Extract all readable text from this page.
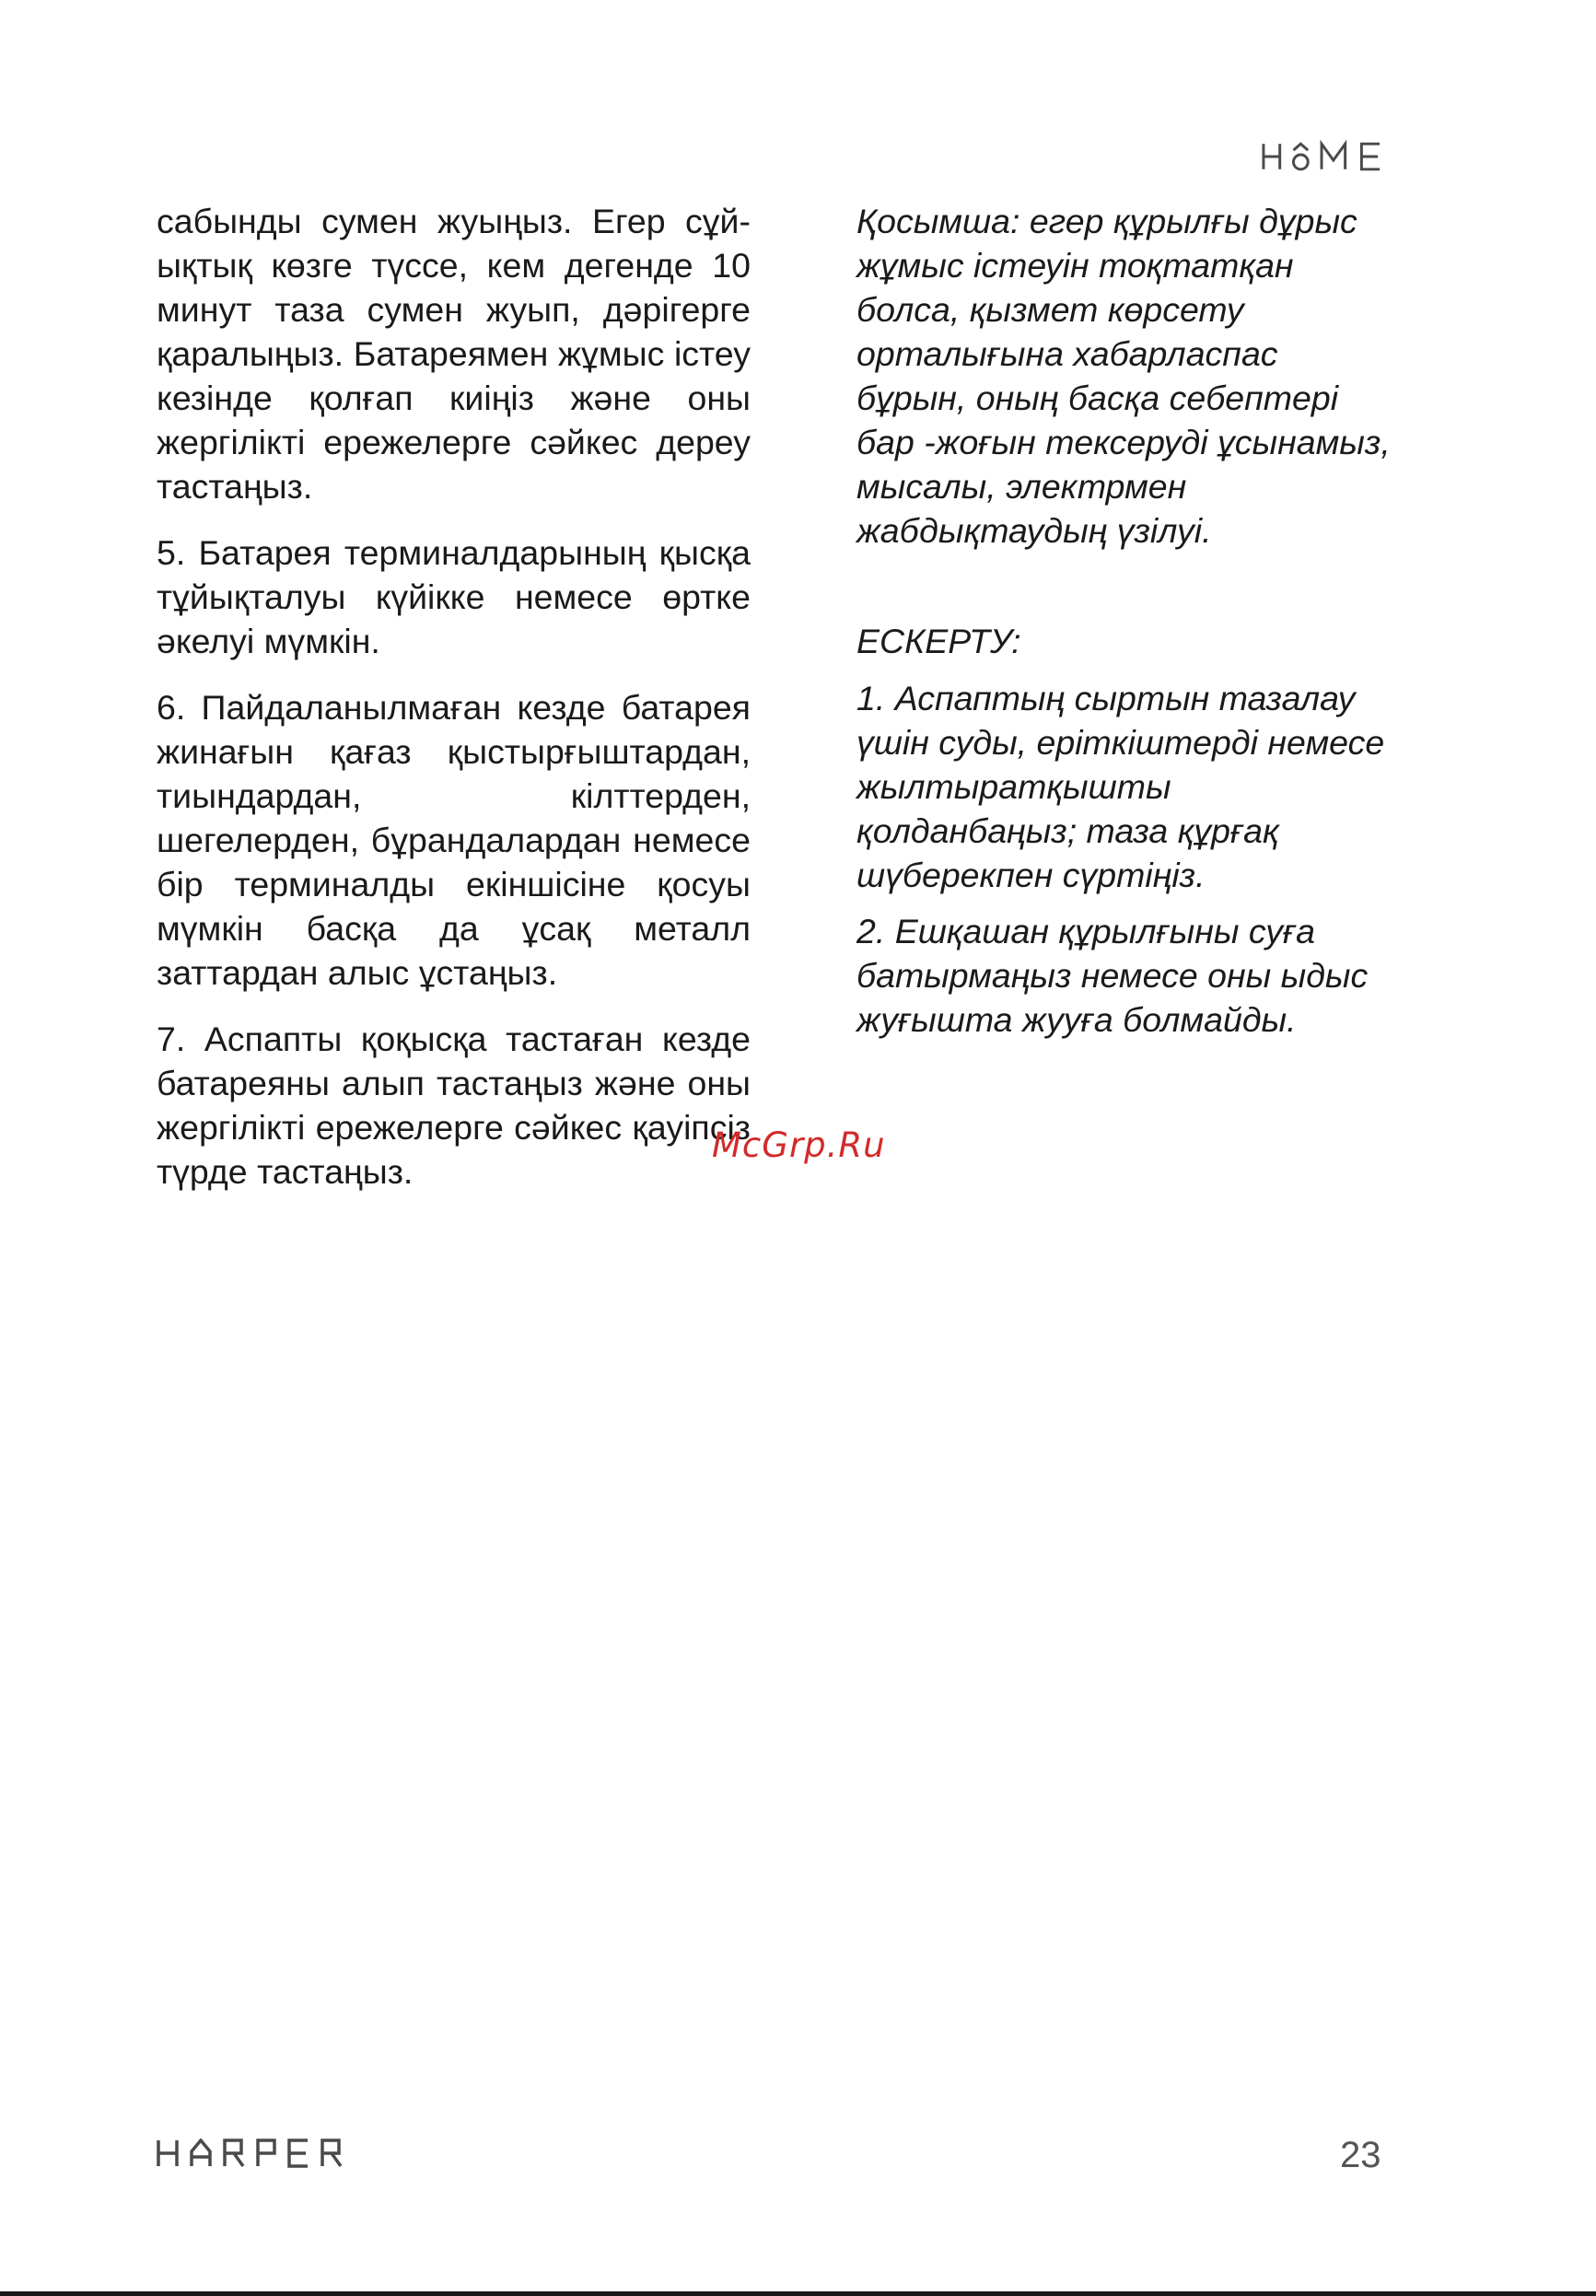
сабынды сумен жуыңыз. Егер сұйықтық көзге түссе, кем дегенде 10 минут таза сумен жуып, дәрігерге қаралыңыз. Батареямен жұмыс істеу кезінде қолғап киіңіз және оны жергілікті ережелерге сәйкес дереу тастаңыз.

5. Батарея терминалдарының қысқа тұйықталуы күйікке немесе өртке әкелуі мүмкін.

6. Пайдаланылмаған кезде батарея жинағын қағаз қыстырғыштардан, тиындардан, кілттерден, шегелерден, бұрандалардан немесе бір терминалды екіншісіне қосуы мүмкін басқа да ұсақ металл заттардан алыс ұстаңыз.

7. Аспапты қоқысқа тастаған кезде батареяны алып тастаңыз және оны жергілікті ережелерге сәйкес қауіпсіз түрде тастаңыз.

Қосымша: егер құрылғы дұрыс жұмыс істеуін тоқтатқан болса, қызмет көрсету орталығына хабарласпас бұрын, оның басқа себептері бар -жоғын тексеруді ұсынамыз, мысалы, электрмен жабдықтаудың үзілуі.

ЕСКЕРТУ:

1. Аспаптың сыртын тазалау үшін суды, еріткіштерді немесе жылтыратқышты қолданбаңыз; таза құрғақ шүберекпен сүртіңіз.

2. Ешқашан құрылғыны суға батырмаңыз немесе оны ыдыс жуғышта жууға болмайды.

McGrp.Ru
23
